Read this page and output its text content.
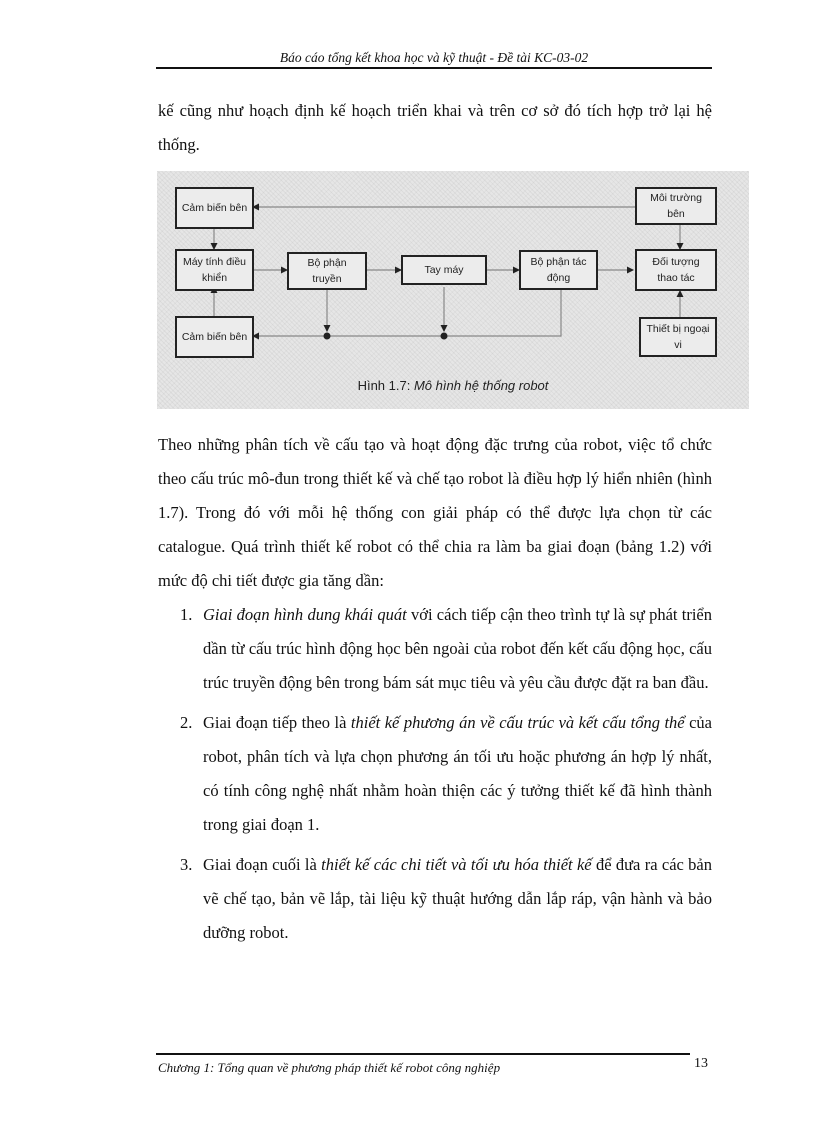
Báo cáo tổng kết khoa học và kỹ thuật - Đề tài KC-03-02
kế cũng như hoạch định kế hoạch triển khai và trên cơ sở đó tích hợp trở lại hệ thống.
Cảm biến bên
Máy tính điều khiển
Cảm biến bên
Bộ phận truyền
Tay máy
Bộ phận tác động
Môi trường bên
Đối tượng thao tác
Thiết bị ngoại vi
Hình 1.7: Mô hình hệ thống robot
Theo những phân tích về cấu tạo và hoạt động đặc trưng của robot, việc tổ chức theo cấu trúc mô-đun trong thiết kế và chế tạo robot là điều hợp lý hiển nhiên (hình 1.7). Trong đó với mỗi hệ thống con giải pháp có thể được lựa chọn từ các catalogue. Quá trình thiết kế robot có thể chia ra làm ba giai đoạn (bảng 1.2) với mức độ chi tiết được gia tăng dần:
1. Giai đoạn hình dung khái quát với cách tiếp cận theo trình tự là sự phát triển dần từ cấu trúc hình động học bên ngoài của robot đến kết cấu động học, cấu trúc truyền động bên trong bám sát mục tiêu và yêu cầu được đặt ra ban đầu.
2. Giai đoạn tiếp theo là thiết kế phương án về cấu trúc và kết cấu tổng thể của robot, phân tích và lựa chọn phương án tối ưu hoặc phương án hợp lý nhất, có tính công nghệ nhất nhằm hoàn thiện các ý tưởng thiết kế đã hình thành trong giai đoạn 1.
3. Giai đoạn cuối là thiết kế các chi tiết và tối ưu hóa thiết kế để đưa ra các bản vẽ chế tạo, bản vẽ lắp, tài liệu kỹ thuật hướng dẫn lắp ráp, vận hành và bảo dưỡng robot.
Chương 1: Tổng quan về phương pháp thiết kế robot công nghiệp	13
